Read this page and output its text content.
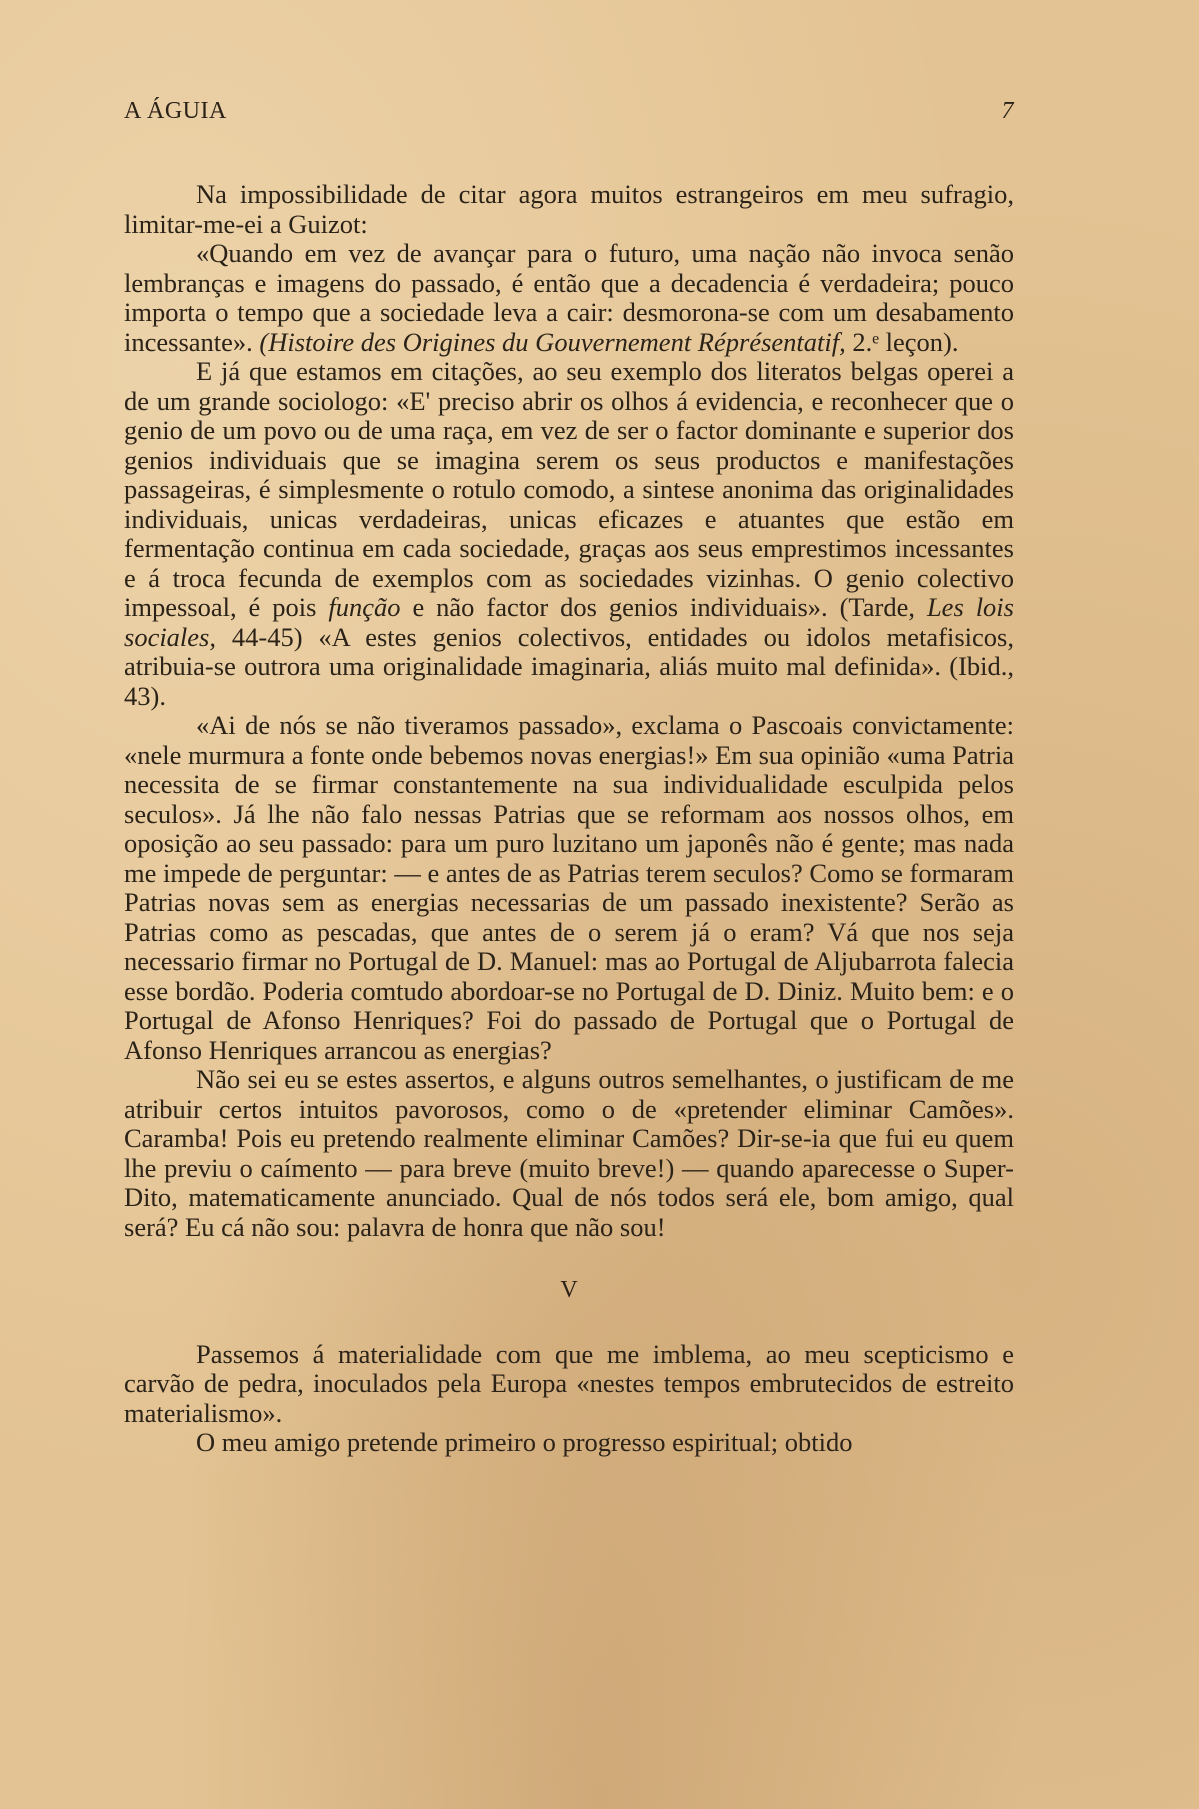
A ÁGUIA	7

Na impossibilidade de citar agora muitos estrangeiros em meu sufragio, limitar-me-ei a Guizot:

«Quando em vez de avançar para o futuro, uma nação não invoca senão lembranças e imagens do passado, é então que a decadencia é verdadeira; pouco importa o tempo que a sociedade leva a cair: desmorona-se com um desabamento incessante». (Histoire des Origines du Gouvernement Réprésentatif, 2.ᵉ leçon).

E já que estamos em citações, ao seu exemplo dos literatos belgas operei a de um grande sociologo: «E' preciso abrir os olhos á evidencia, e reconhecer que o genio de um povo ou de uma raça, em vez de ser o factor dominante e superior dos genios individuais que se imagina serem os seus productos e manifestações passageiras, é simplesmente o rotulo comodo, a sintese anonima das originalidades individuais, unicas verdadeiras, unicas eficazes e atuantes que estão em fermentação continua em cada sociedade, graças aos seus emprestimos incessantes e á troca fecunda de exemplos com as sociedades vizinhas. O genio colectivo impessoal, é pois função e não factor dos genios individuais». (Tarde, Les lois sociales, 44-45) «A estes genios colectivos, entidades ou idolos metafisicos, atribuia-se outrora uma originalidade imaginaria, aliás muito mal definida». (Ibid., 43).

«Ai de nós se não tiveramos passado», exclama o Pascoais convictamente: «nele murmura a fonte onde bebemos novas energias!» Em sua opinião «uma Patria necessita de se firmar constantemente na sua individualidade esculpida pelos seculos». Já lhe não falo nessas Patrias que se reformam aos nossos olhos, em oposição ao seu passado: para um puro luzitano um japonês não é gente; mas nada me impede de perguntar: — e antes de as Patrias terem seculos? Como se formaram Patrias novas sem as energias necessarias de um passado inexistente? Serão as Patrias como as pescadas, que antes de o serem já o eram? Vá que nos seja necessario firmar no Portugal de D. Manuel: mas ao Portugal de Aljubarrota falecia esse bordão. Poderia comtudo abordoar-se no Portugal de D. Diniz. Muito bem: e o Portugal de Afonso Henriques? Foi do passado de Portugal que o Portugal de Afonso Henriques arrancou as energias?

Não sei eu se estes assertos, e alguns outros semelhantes, o justificam de me atribuir certos intuitos pavorosos, como o de «pretender eliminar Camões». Caramba! Pois eu pretendo realmente eliminar Camões? Dir-se-ia que fui eu quem lhe previu o caímento — para breve (muito breve!) — quando aparecesse o Super-Dito, matematicamente anunciado. Qual de nós todos será ele, bom amigo, qual será? Eu cá não sou: palavra de honra que não sou!

V

Passemos á materialidade com que me imblema, ao meu scepticismo e carvão de pedra, inoculados pela Europa «nestes tempos embrutecidos de estreito materialismo».

O meu amigo pretende primeiro o progresso espiritual; obtido
